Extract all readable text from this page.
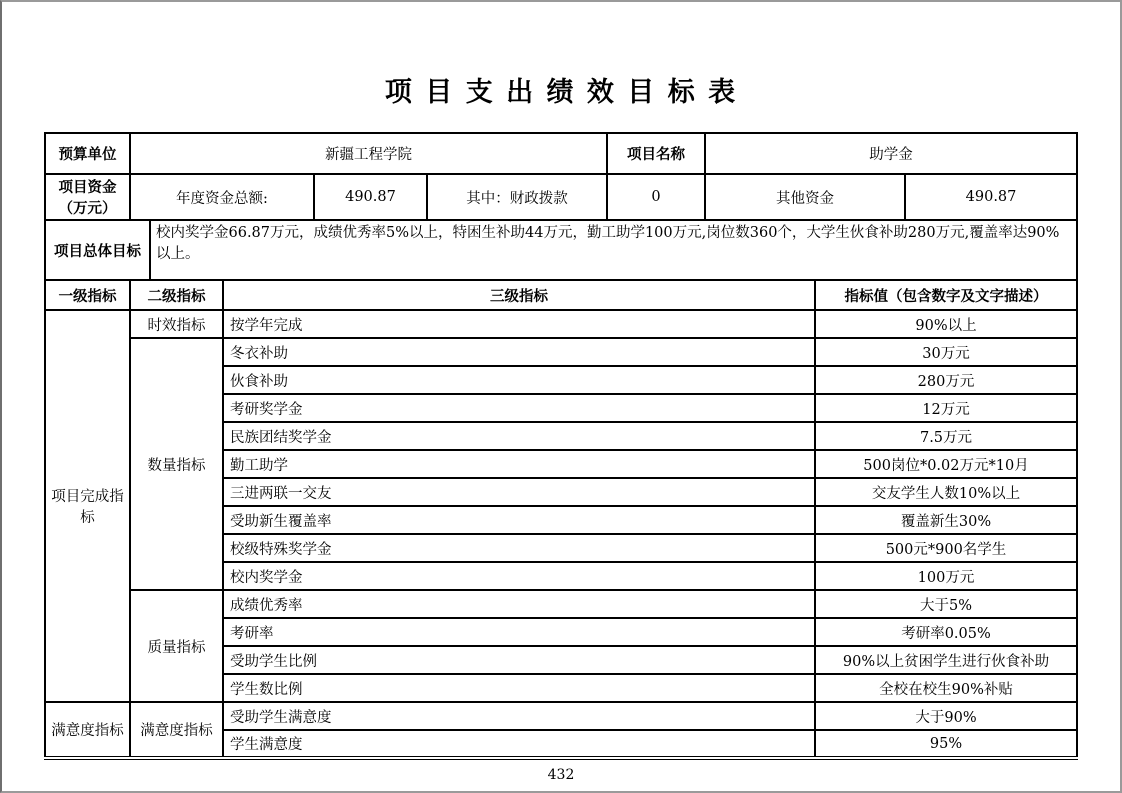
项 目 支 出 绩 效 目 标 表
预算单位	新疆工程学院			项目名称	助学金	
项目资金（万元）	年度资金总额:	490.87	其中：财政拨款	0	其他资金	490.87
项目总体目标	校内奖学金66.87万元，成绩优秀率5%以上，特困生补助44万元，勤工助学100万元,岗位数360个，大学生伙食补助280万元,覆盖率达90%以上。
一级指标	二级指标	三级指标	指标值（包含数字及文字描述）
项目完成指标	时效指标	按学年完成	90%以上
	数量指标	冬衣补助	30万元
		伙食补助	280万元
		考研奖学金	12万元
		民族团结奖学金	7.5万元
		勤工助学	500岗位*0.02万元*10月
		三进两联一交友	交友学生人数10%以上
		受助新生覆盖率	覆盖新生30%
		校级特殊奖学金	500元*900名学生
		校内奖学金	100万元
	质量指标	成绩优秀率	大于5%
		考研率	考研率0.05%
		受助学生比例	90%以上贫困学生进行伙食补助
		学生数比例	全校在校生90%补贴
满意度指标	满意度指标	受助学生满意度	大于90%
		学生满意度	95%
432
